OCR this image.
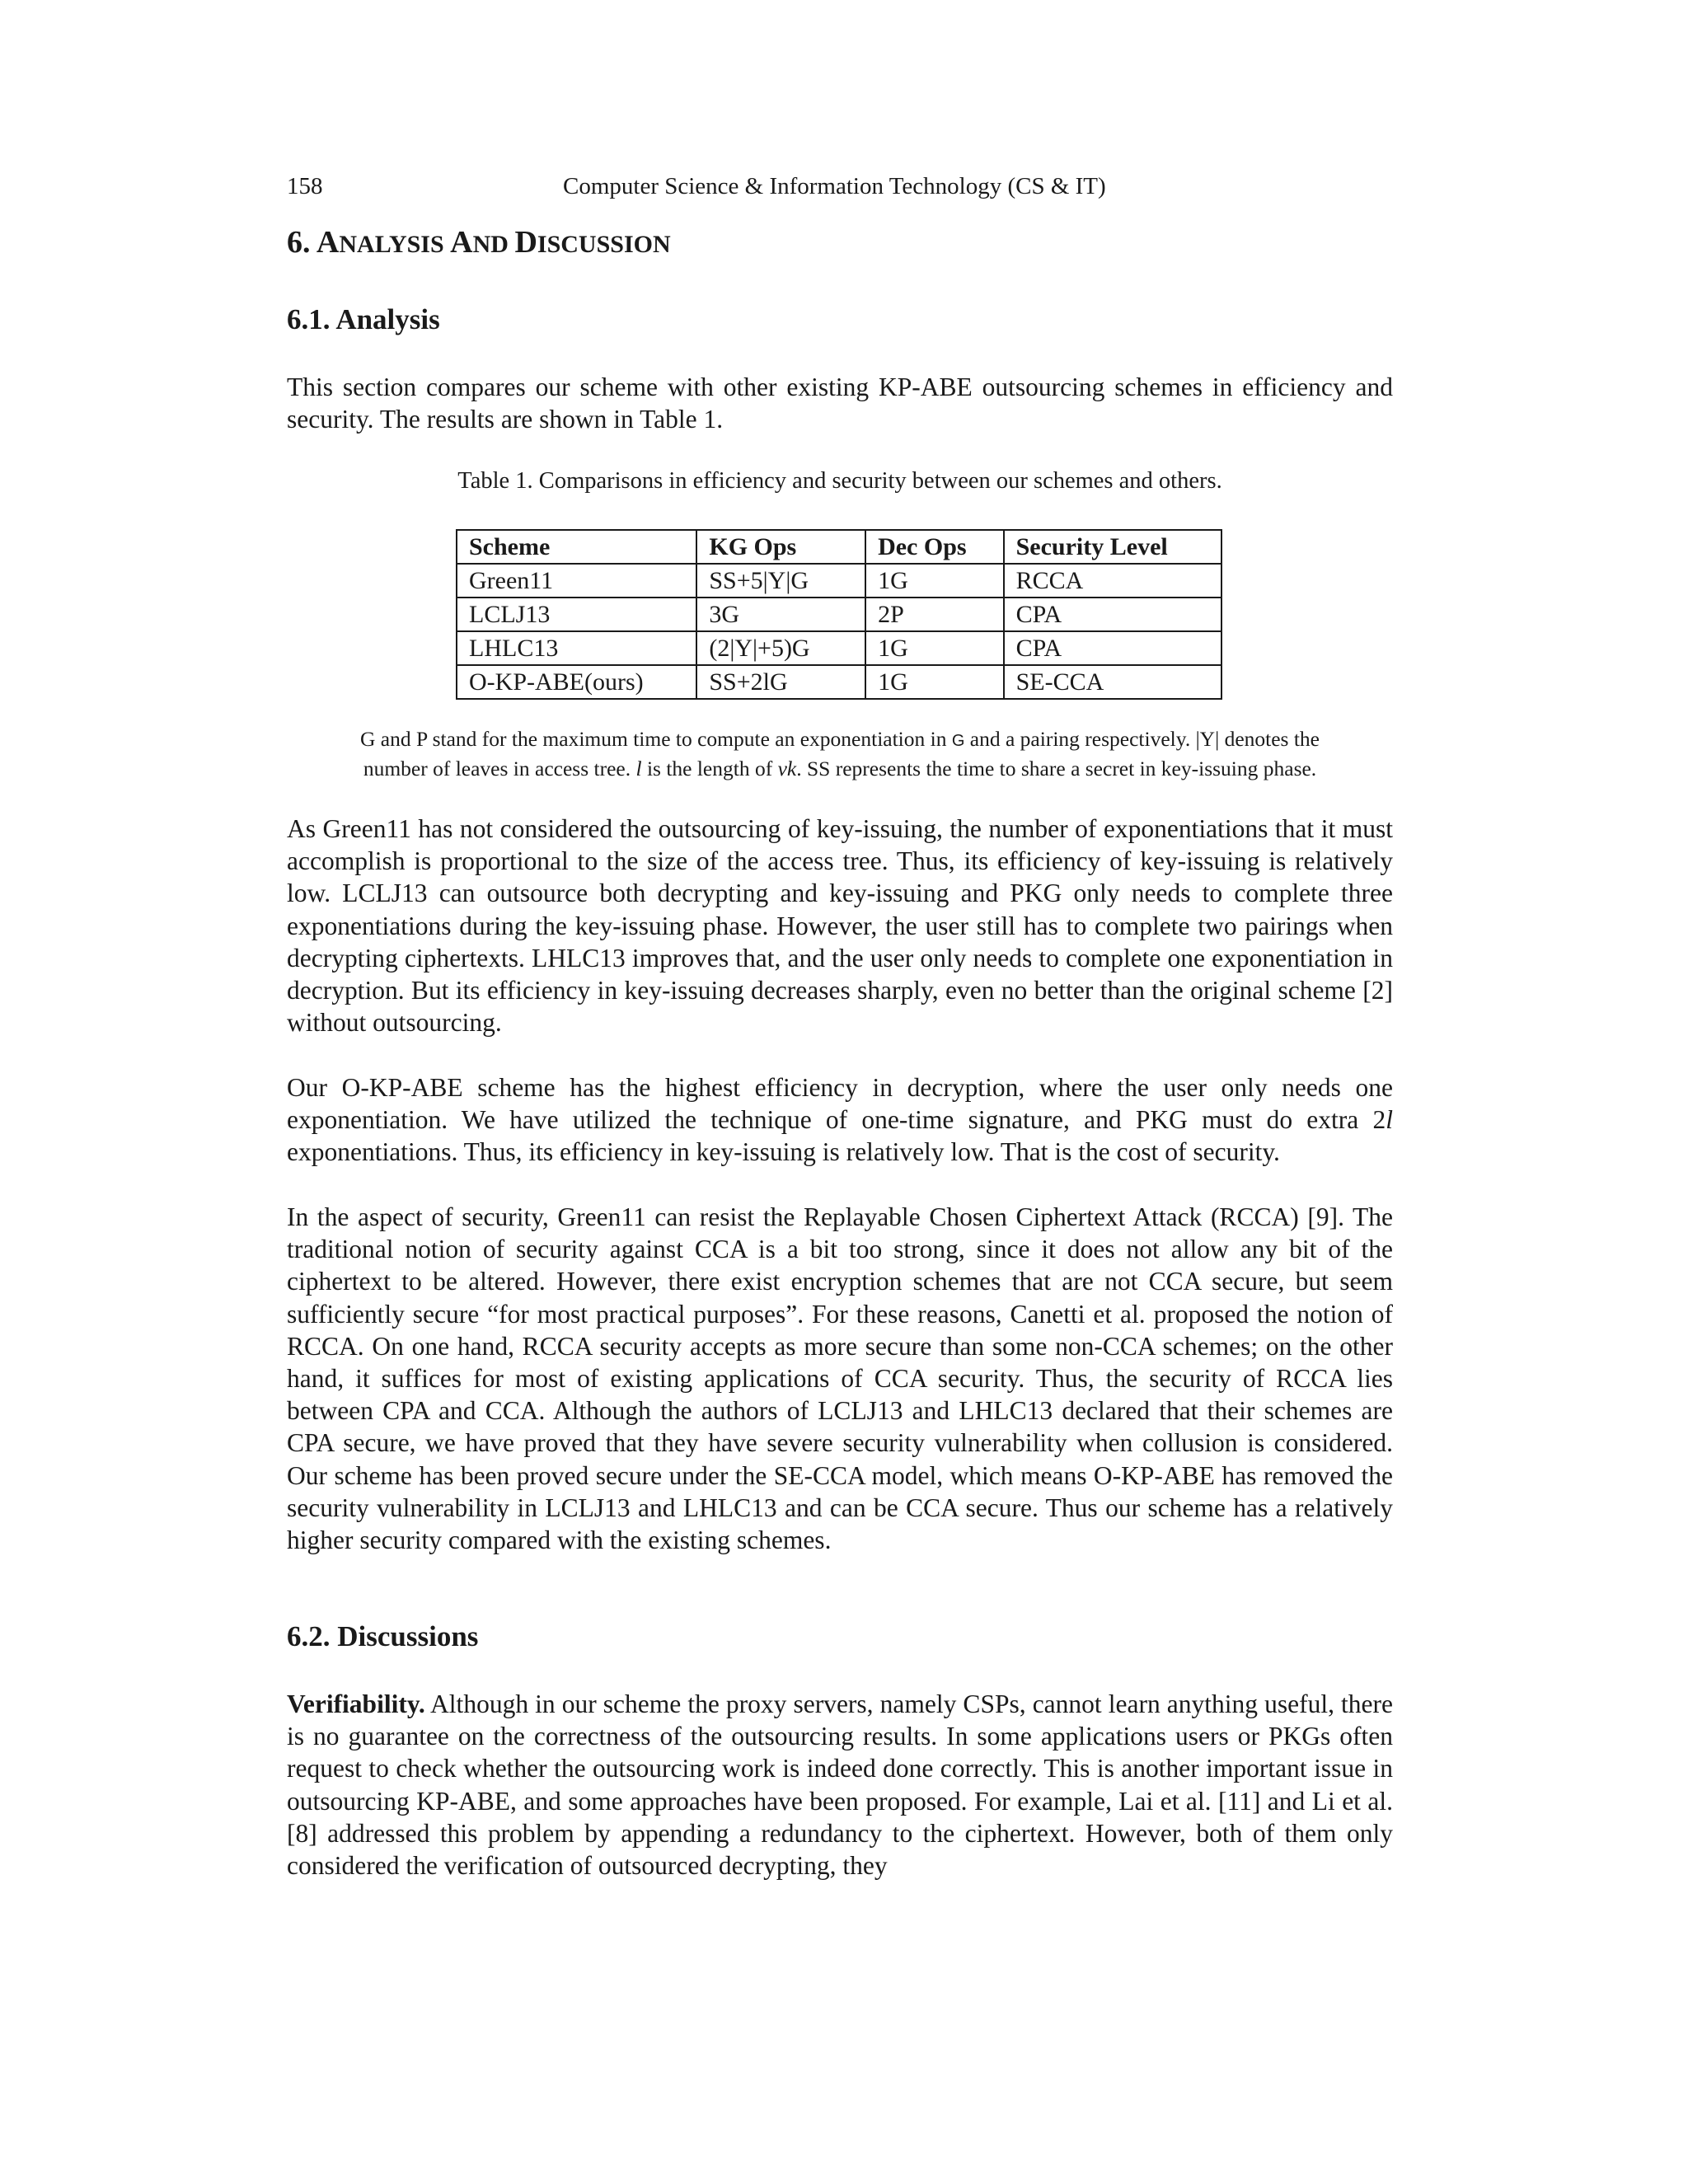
158	Computer Science & Information Technology (CS & IT)
6. ANALYSIS AND DISCUSSION
6.1. Analysis

This section compares our scheme with other existing KP-ABE outsourcing schemes in efficiency and security. The results are shown in Table 1.

Table 1. Comparisons in efficiency and security between our schemes and others.

Scheme	KG Ops	Dec Ops	Security Level
Green11	SS+5|Y|G	1G	RCCA
LCLJ13	3G	2P	CPA
LHLC13	(2|Y|+5)G	1G	CPA
O-KP-ABE(ours)	SS+2lG	1G	SE-CCA

G and P stand for the maximum time to compute an exponentiation in G and a pairing respectively. |Y| denotes the
number of leaves in access tree. l is the length of vk. SS represents the time to share a secret in key-issuing phase.

As Green11 has not considered the outsourcing of key-issuing, the number of exponentiations that it must accomplish is proportional to the size of the access tree. Thus, its efficiency of key-issuing is relatively low. LCLJ13 can outsource both decrypting and key-issuing and PKG only needs to complete three exponentiations during the key-issuing phase. However, the user still has to complete two pairings when decrypting ciphertexts. LHLC13 improves that, and the user only needs to complete one exponentiation in decryption. But its efficiency in key-issuing decreases sharply, even no better than the original scheme [2] without outsourcing.

Our O-KP-ABE scheme has the highest efficiency in decryption, where the user only needs one exponentiation. We have utilized the technique of one-time signature, and PKG must do extra 2l exponentiations. Thus, its efficiency in key-issuing is relatively low. That is the cost of security.

In the aspect of security, Green11 can resist the Replayable Chosen Ciphertext Attack (RCCA) [9]. The traditional notion of security against CCA is a bit too strong, since it does not allow any bit of the ciphertext to be altered. However, there exist encryption schemes that are not CCA secure, but seem sufficiently secure “for most practical purposes”. For these reasons, Canetti et al. proposed the notion of RCCA. On one hand, RCCA security accepts as more secure than some non-CCA schemes; on the other hand, it suffices for most of existing applications of CCA security. Thus, the security of RCCA lies between CPA and CCA. Although the authors of LCLJ13 and LHLC13 declared that their schemes are CPA secure, we have proved that they have severe security vulnerability when collusion is considered. Our scheme has been proved secure under the SE-CCA model, which means O-KP-ABE has removed the security vulnerability in LCLJ13 and LHLC13 and can be CCA secure. Thus our scheme has a relatively higher security compared with the existing schemes.

6.2. Discussions

Verifiability. Although in our scheme the proxy servers, namely CSPs, cannot learn anything useful, there is no guarantee on the correctness of the outsourcing results. In some applications users or PKGs often request to check whether the outsourcing work is indeed done correctly. This is another important issue in outsourcing KP-ABE, and some approaches have been proposed. For example, Lai et al. [11] and Li et al. [8] addressed this problem by appending a redundancy to the ciphertext. However, both of them only considered the verification of outsourced decrypting, they
